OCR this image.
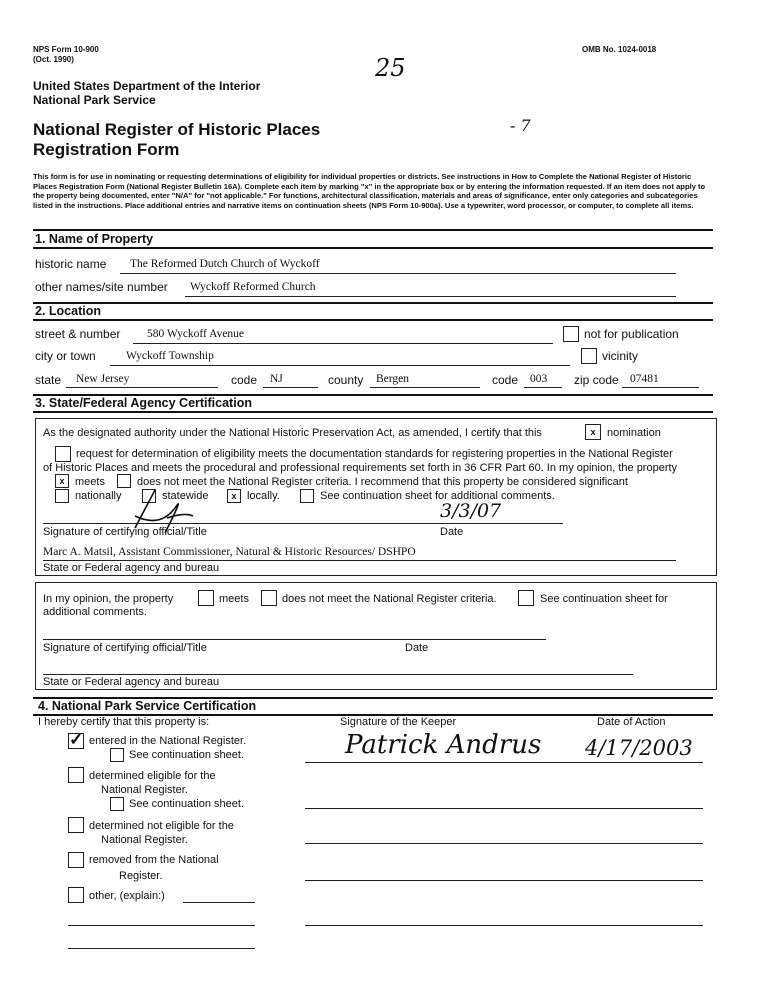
NPS Form 10-900
(Oct. 1990)
OMB No. 1024-0018
25
- 7
United States Department of the Interior
National Park Service
National Register of Historic Places
Registration Form
This form is for use in nominating or requesting determinations of eligibility for individual properties or districts. See instructions in How to Complete the National Register of Historic Places Registration Form (National Register Bulletin 16A). Complete each item by marking "x" in the appropriate box or by entering the information requested. If an item does not apply to the property being documented, enter "N/A" for "not applicable." For functions, architectural classification, materials and areas of significance, enter only categories and subcategories listed in the instructions. Place additional entries and narrative items on continuation sheets (NPS Form 10-900a). Use a typewriter, word processor, or computer, to complete all items.
1. Name of Property
historic name The Reformed Dutch Church of Wyckoff
other names/site number Wyckoff Reformed Church
2. Location
street & number 580 Wyckoff Avenue	not for publication
city or town	Wyckoff Township	vicinity
state New Jersey	code NJ	county Bergen	code 003 zip code 07481
3. State/Federal Agency Certification
As the designated authority under the National Historic Preservation Act, as amended, I certify that this	x	nomination
request for determination of eligibility meets the documentation standards for registering properties in the National Register
of Historic Places and meets the procedural and professional requirements set forth in 36 CFR Part 60. In my opinion, the property
x meets	does not meet the National Register criteria. I recommend that this property be considered significant
nationally	statewide	x locally.	See continuation sheet for additional comments.
3/3/07
Signature of certifying official/Title	Date
Marc A. Matsil, Assistant Commissioner, Natural & Historic Resources/ DSHPO
State or Federal agency and bureau
In my opinion, the property	meets	does not meet the National Register criteria.	See continuation sheet for
additional comments.
Signature of certifying official/Title	Date
State or Federal agency and bureau
4. National Park Service Certification
I hereby certify that this property is:	Signature of the Keeper	Date of Action
✓ entered in the National Register.
See continuation sheet.	Patrick Andrus 4/17/2003
determined eligible for the
National Register.
See continuation sheet.
determined not eligible for the
National Register.
removed from the National
Register.
other, (explain:)
